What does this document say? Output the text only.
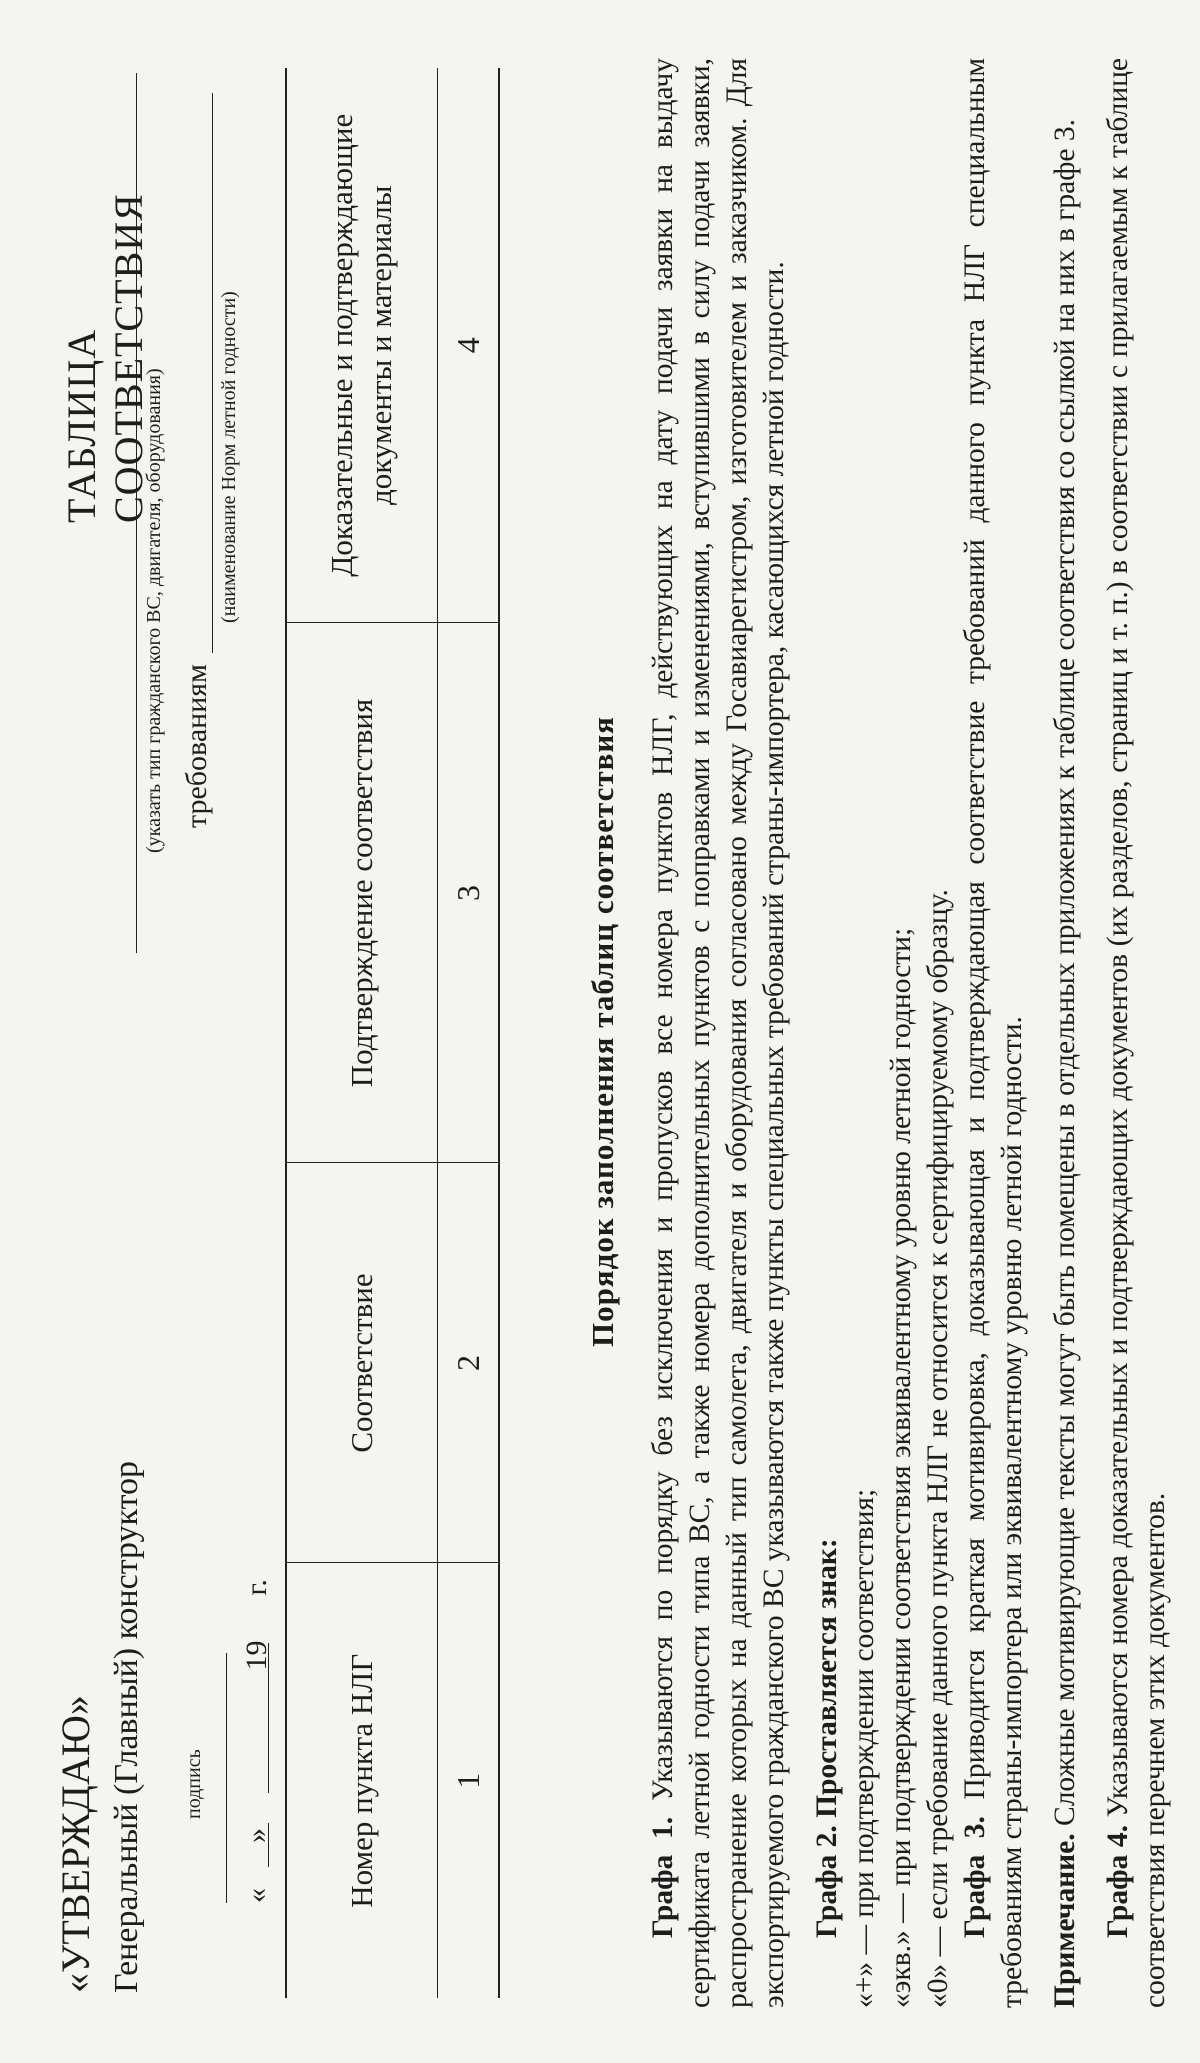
«УТВЕРЖДАЮ» Генеральный (Главный) конструктор подпись «      »                     19      г.
ТАБЛИЦА СООТВЕТСТВИЯ
(указать тип гражданского ВС, двигателя, оборудования) требованиям
(наименование Норм летной годности)
Номер пункта НЛГ	Соответствие	Подтверждение соответствия	Доказательные и подтверждающие документы и материалы
1	2	3	4
Порядок заполнения таблиц соответствия

Графа 1. Указываются по порядку без исключения и пропусков все номера пунктов НЛГ, действующих на дату подачи заявки на выдачу сертификата летной годности типа ВС, а также номера дополнительных пунктов с поправками и изменениями, вступившими в силу подачи заявки, распространение которых на данный тип самолета, двигателя и оборудования согласовано между Госавиарегистром, изготовителем и заказчиком. Для экспортируемого гражданского ВС указываются также пункты специальных требований страны-импортера, касающихся летной годности. Графа 2. Проставляется знак: «+» — при подтверждении соответствия; «экв.» — при подтверждении соответствия эквивалентному уровню летной годности; «0» — если требование данного пункта НЛГ не относится к сертифицируемому образцу. Графа 3. Приводится краткая мотивировка, доказывающая и подтверждающая соответствие требований данного пункта НЛГ специальным требованиям страны-импортера или эквивалентному уровню летной годности. Примечание. Сложные мотивирующие тексты могут быть помещены в отдельных приложениях к таблице соответствия со ссылкой на них в графе 3.

Графа 4. Указываются номера доказательных и подтверждающих документов (их разделов, страниц и т. п.) в соответствии с прилагаемым к таблице соответствия перечнем этих документов.
